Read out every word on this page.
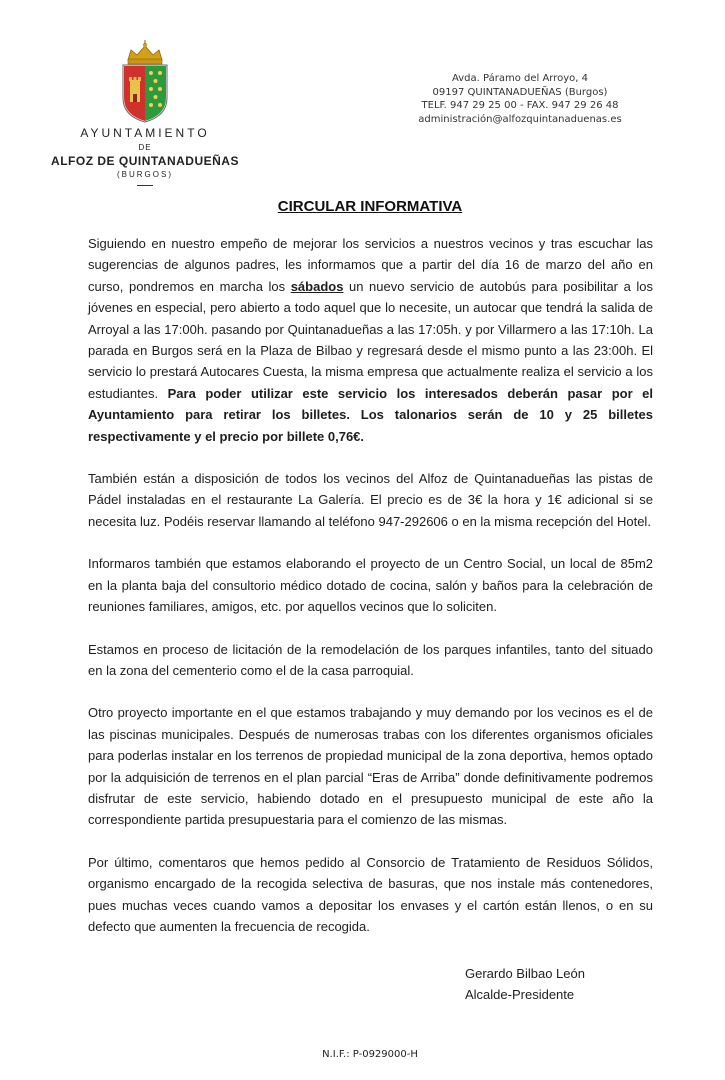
AYUNTAMIENTO
DE
ALFOZ DE QUINTANADUEÑAS
(BURGOS)
Avda. Páramo del Arroyo, 4
09197 QUINTANADUEÑAS (Burgos)
TELF. 947 29 25 00 - FAX. 947 29 26 48
administración@alfozquintanaduenas.es
CIRCULAR INFORMATIVA

Siguiendo en nuestro empeño de mejorar los servicios a nuestros vecinos y tras escuchar las sugerencias de algunos padres, les informamos que a partir del día 16 de marzo del año en curso, pondremos en marcha los sábados un nuevo servicio de autobús para posibilitar a los jóvenes en especial, pero abierto a todo aquel que lo necesite, un autocar que tendrá la salida de Arroyal a las 17:00h. pasando por Quintanadueñas a las 17:05h. y por Villarmero a las 17:10h. La parada en Burgos será en la Plaza de Bilbao y regresará desde el mismo punto a las 23:00h. El servicio lo prestará Autocares Cuesta, la misma empresa que actualmente realiza el servicio a los estudiantes. Para poder utilizar este servicio los interesados deberán pasar por el Ayuntamiento para retirar los billetes. Los talonarios serán de 10 y 25 billetes respectivamente y el precio por billete 0,76€.

También están a disposición de todos los vecinos del Alfoz de Quintanadueñas las pistas de Pádel instaladas en el restaurante La Galería. El precio es de 3€ la hora y 1€ adicional si se necesita luz. Podéis reservar llamando al teléfono 947-292606 o en la misma recepción del Hotel.

Informaros también que estamos elaborando el proyecto de un Centro Social, un local de 85m2 en la planta baja del consultorio médico dotado de cocina, salón y baños para la celebración de reuniones familiares, amigos, etc. por aquellos vecinos que lo soliciten.

Estamos en proceso de licitación de la remodelación de los parques infantiles, tanto del situado en la zona del cementerio como el de la casa parroquial.

Otro proyecto importante en el que estamos trabajando y muy demando por los vecinos es el de las piscinas municipales. Después de numerosas trabas con los diferentes organismos oficiales para poderlas instalar en los terrenos de propiedad municipal de la zona deportiva, hemos optado por la adquisición de terrenos en el plan parcial “Eras de Arriba” donde definitivamente podremos disfrutar de este servicio, habiendo dotado en el presupuesto municipal de este año la correspondiente partida presupuestaria para el comienzo de las mismas.

Por último, comentaros que hemos pedido al Consorcio de Tratamiento de Residuos Sólidos, organismo encargado de la recogida selectiva de basuras, que nos instale más contenedores, pues muchas veces cuando vamos a depositar los envases y el cartón están llenos, o en su defecto que aumenten la frecuencia de recogida.

Gerardo Bilbao León
Alcalde-Presidente
N.I.F.: P-0929000-H
